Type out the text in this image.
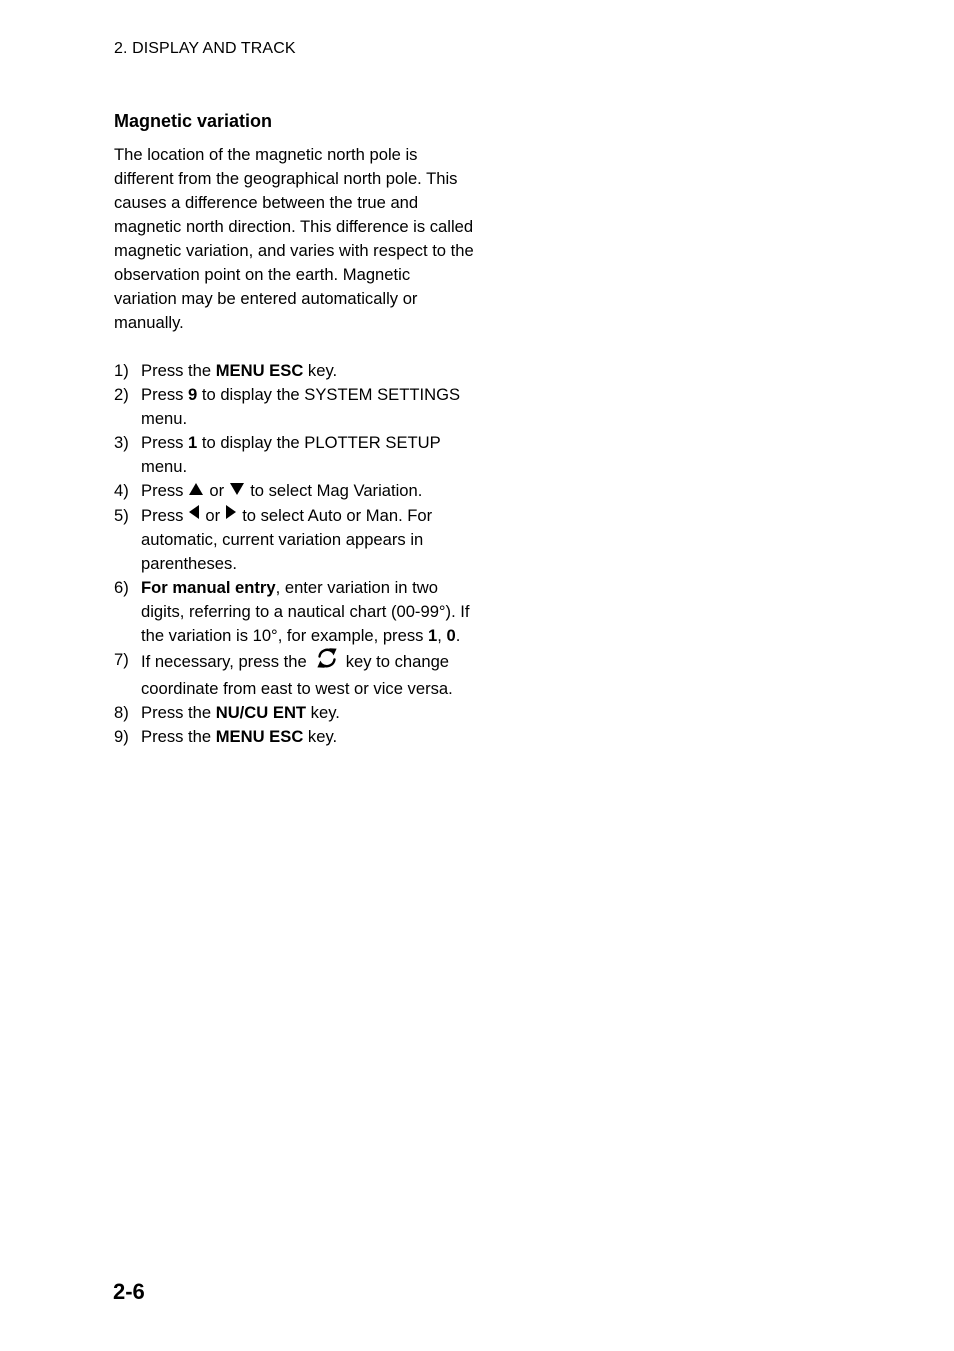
2. DISPLAY AND TRACK
Magnetic variation

The location of the magnetic north pole is different from the geographical north pole. This causes a difference between the true and magnetic north direction. This difference is called magnetic variation, and varies with respect to the observation point on the earth. Magnetic variation may be entered automatically or manually.

1) Press the MENU ESC key.
2) Press 9 to display the SYSTEM SETTINGS menu.
3) Press 1 to display the PLOTTER SETUP menu.
4) Press or to select Mag Variation.
5) Press or to select Auto or Man. For automatic, current variation appears in parentheses.
6) For manual entry, enter variation in two digits, referring to a nautical chart (00-99°). If the variation is 10°, for example, press 1, 0.
7) If necessary, press the key to change coordinate from east to west or vice versa.
8) Press the NU/CU ENT key.
9) Press the MENU ESC key.
2-6
